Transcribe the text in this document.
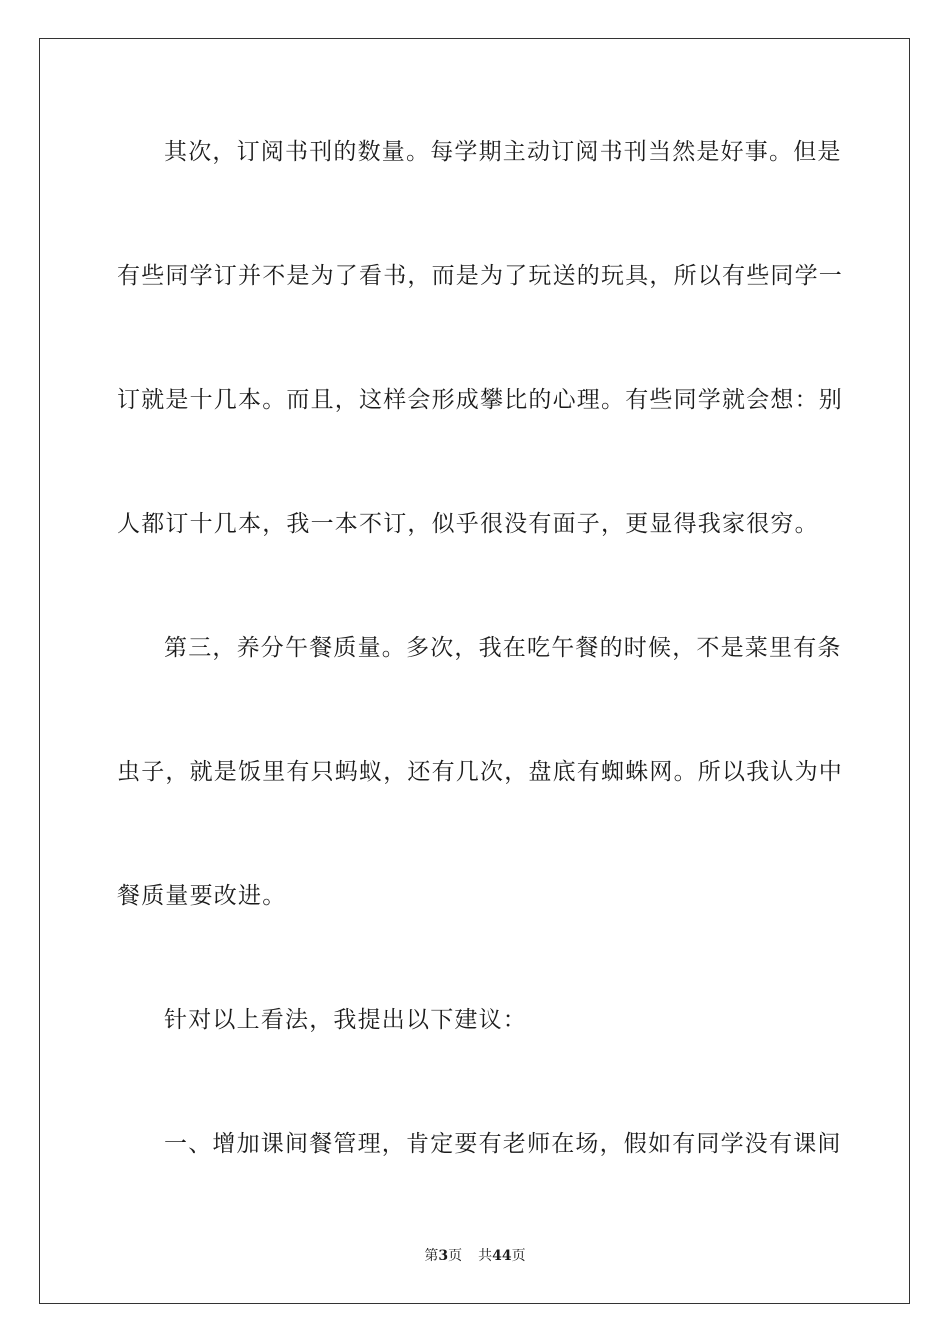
其次，订阅书刊的数量。每学期主动订阅书刊当然是好事。但是
有些同学订并不是为了看书，而是为了玩送的玩具，所以有些同学一
订就是十几本。而且，这样会形成攀比的心理。有些同学就会想：别
人都订十几本，我一本不订，似乎很没有面子，更显得我家很穷。
第三，养分午餐质量。多次，我在吃午餐的时候，不是菜里有条
虫子，就是饭里有只蚂蚁，还有几次，盘底有蜘蛛网。所以我认为中
餐质量要改进。
针对以上看法，我提出以下建议：
一、增加课间餐管理，肯定要有老师在场，假如有同学没有课间
第3页 共44页
